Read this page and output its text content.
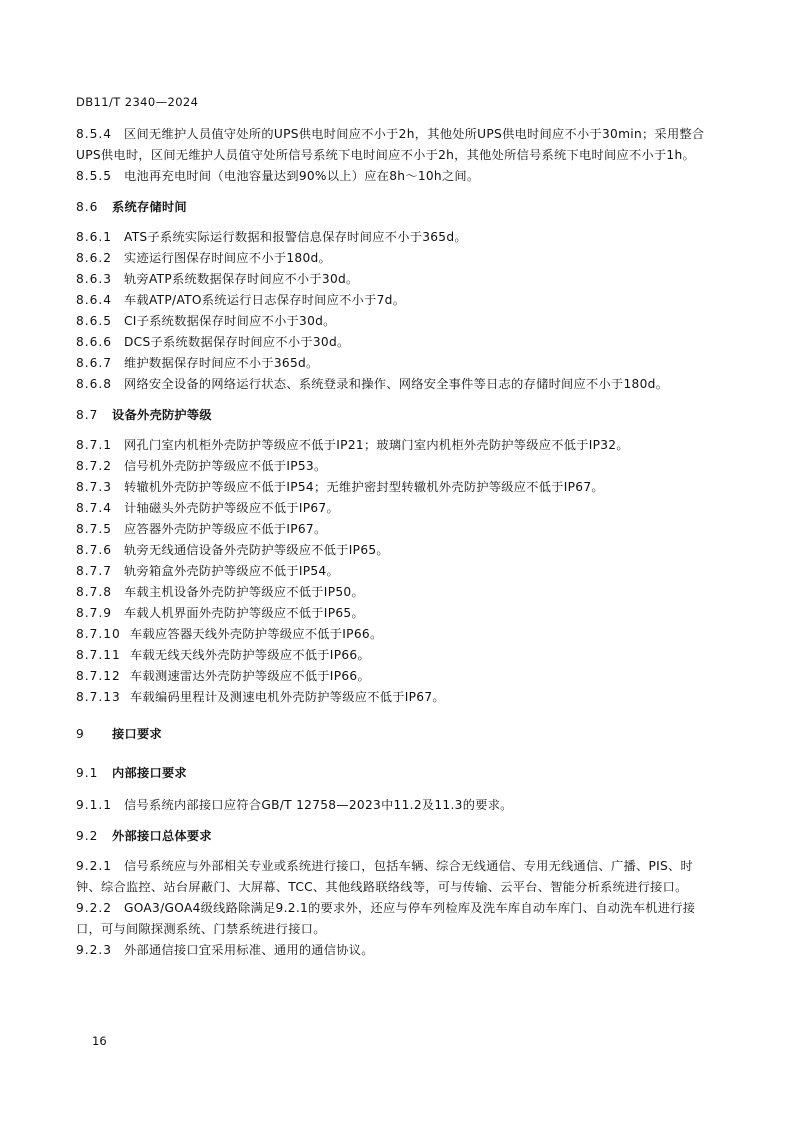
DB11/T 2340—2024
8.5.4 区间无维护人员值守处所的UPS供电时间应不小于2h，其他处所UPS供电时间应不小于30min；采用整合UPS供电时，区间无维护人员值守处所信号系统下电时间应不小于2h，其他处所信号系统下电时间应不小于1h。
8.5.5 电池再充电时间（电池容量达到90%以上）应在8h～10h之间。
8.6 系统存储时间
8.6.1 ATS子系统实际运行数据和报警信息保存时间应不小于365d。
8.6.2 实迹运行图保存时间应不小于180d。
8.6.3 轨旁ATP系统数据保存时间应不小于30d。
8.6.4 车载ATP/ATO系统运行日志保存时间应不小于7d。
8.6.5 CI子系统数据保存时间应不小于30d。
8.6.6 DCS子系统数据保存时间应不小于30d。
8.6.7 维护数据保存时间应不小于365d。
8.6.8 网络安全设备的网络运行状态、系统登录和操作、网络安全事件等日志的存储时间应不小于180d。
8.7 设备外壳防护等级
8.7.1 网孔门室内机柜外壳防护等级应不低于IP21；玻璃门室内机柜外壳防护等级应不低于IP32。
8.7.2 信号机外壳防护等级应不低于IP53。
8.7.3 转辙机外壳防护等级应不低于IP54；无维护密封型转辙机外壳防护等级应不低于IP67。
8.7.4 计轴磁头外壳防护等级应不低于IP67。
8.7.5 应答器外壳防护等级应不低于IP67。
8.7.6 轨旁无线通信设备外壳防护等级应不低于IP65。
8.7.7 轨旁箱盒外壳防护等级应不低于IP54。
8.7.8 车载主机设备外壳防护等级应不低于IP50。
8.7.9 车载人机界面外壳防护等级应不低于IP65。
8.7.10 车载应答器天线外壳防护等级应不低于IP66。
8.7.11 车载无线天线外壳防护等级应不低于IP66。
8.7.12 车载测速雷达外壳防护等级应不低于IP66。
8.7.13 车载编码里程计及测速电机外壳防护等级应不低于IP67。
9 接口要求
9.1 内部接口要求
9.1.1 信号系统内部接口应符合GB/T 12758—2023中11.2及11.3的要求。
9.2 外部接口总体要求
9.2.1 信号系统应与外部相关专业或系统进行接口，包括车辆、综合无线通信、专用无线通信、广播、PIS、时钟、综合监控、站台屏蔽门、大屏幕、TCC、其他线路联络线等，可与传输、云平台、智能分析系统进行接口。
9.2.2 GOA3/GOA4级线路除满足9.2.1的要求外，还应与停车列检库及洗车库自动车库门、自动洗车机进行接口，可与间隙探测系统、门禁系统进行接口。
9.2.3 外部通信接口宜采用标准、通用的通信协议。
16
